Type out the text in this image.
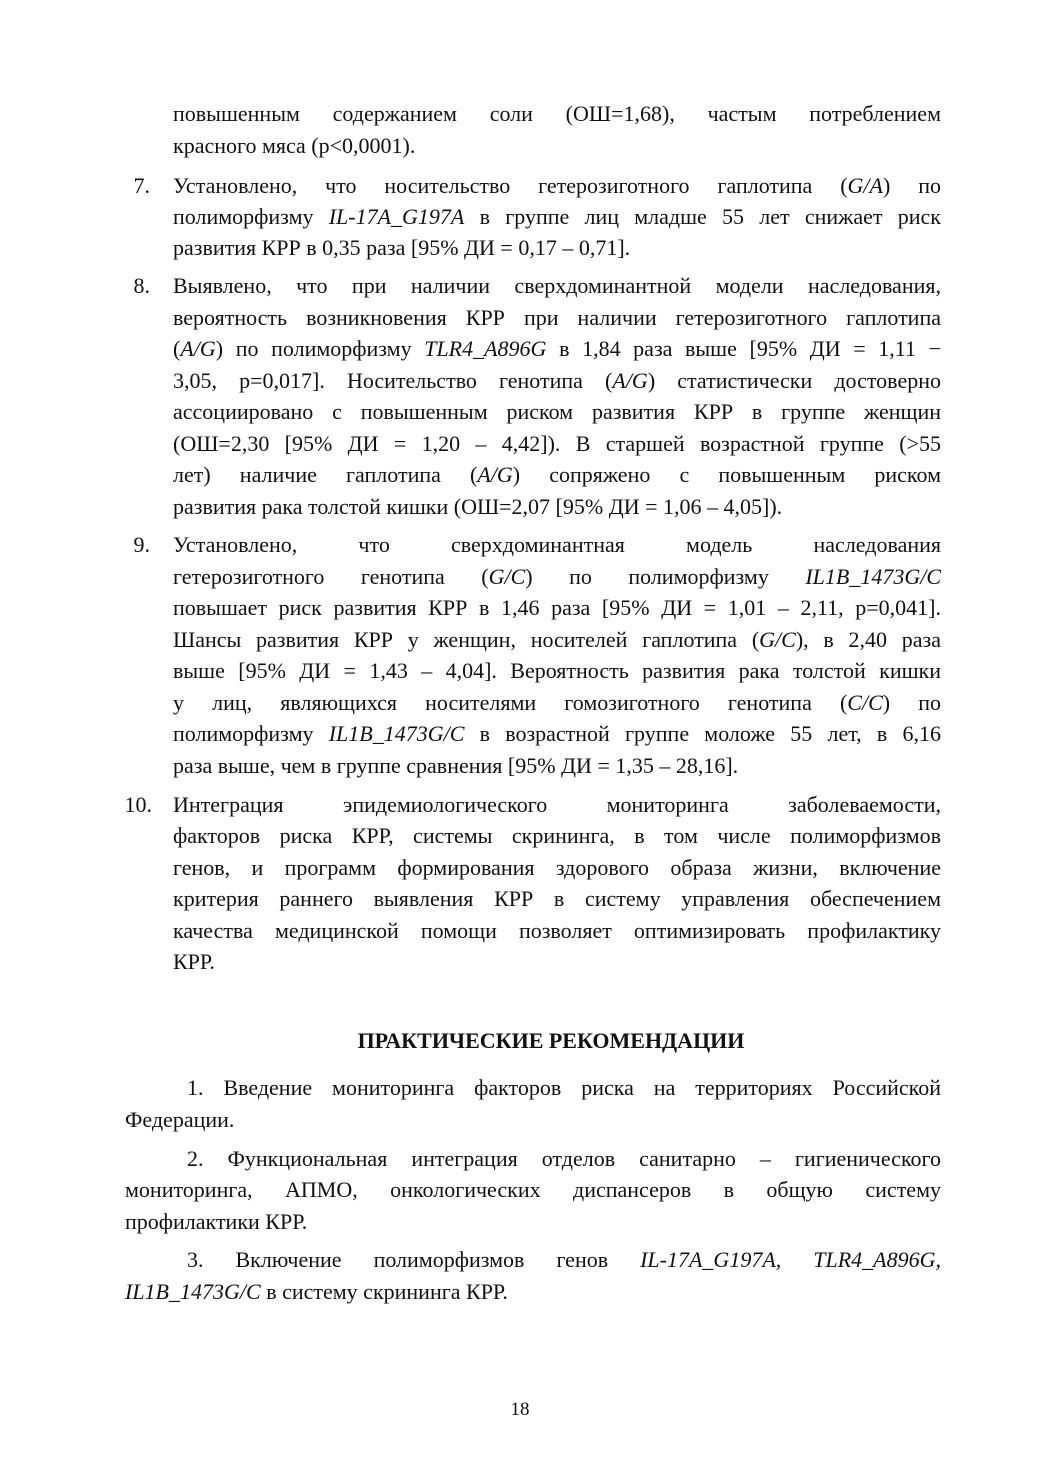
повышенным содержанием соли (ОШ=1,68), частым потреблением
красного мяса (р<0,0001).
7. Установлено, что носительство гетерозиготного гаплотипа (G/A) по
полиморфизму IL-17A_G197A в группе лиц младше 55 лет снижает риск
развития КРР в 0,35 раза [95% ДИ = 0,17 – 0,71].
8. Выявлено, что при наличии сверхдоминантной модели наследования,
вероятность возникновения КРР при наличии гетерозиготного гаплотипа
(A/G) по полиморфизму TLR4_A896G в 1,84 раза выше [95% ДИ = 1,11 −
3,05, р=0,017]. Носительство генотипа (A/G) статистически достоверно
ассоциировано с повышенным риском развития КРР в группе женщин
(ОШ=2,30 [95% ДИ = 1,20 – 4,42]). В старшей возрастной группе (>55
лет) наличие гаплотипа (A/G) сопряжено с повышенным риском
развития рака толстой кишки (ОШ=2,07 [95% ДИ = 1,06 – 4,05]).
9. Установлено, что сверхдоминантная модель наследования
гетерозиготного генотипа (G/C) по полиморфизму IL1B_1473G/C
повышает риск развития КРР в 1,46 раза [95% ДИ = 1,01 – 2,11, р=0,041].
Шансы развития КРР у женщин, носителей гаплотипа (G/C), в 2,40 раза
выше [95% ДИ = 1,43 – 4,04]. Вероятность развития рака толстой кишки
у лиц, являющихся носителями гомозиготного генотипа (C/C) по
полиморфизму IL1B_1473G/C в возрастной группе моложе 55 лет, в 6,16
раза выше, чем в группе сравнения [95% ДИ = 1,35 – 28,16].
10. Интеграция эпидемиологического мониторинга заболеваемости,
факторов риска КРР, системы скрининга, в том числе полиморфизмов
генов, и программ формирования здорового образа жизни, включение
критерия раннего выявления КРР в систему управления обеспечением
качества медицинской помощи позволяет оптимизировать профилактику
КРР.
ПРАКТИЧЕСКИЕ РЕКОМЕНДАЦИИ
1. Введение мониторинга факторов риска на территориях Российской
Федерации.
2. Функциональная интеграция отделов санитарно – гигиенического
мониторинга, АПМО, онкологических диспансеров в общую систему
профилактики КРР.
3. Включение полиморфизмов генов IL-17A_G197A, TLR4_A896G,
IL1B_1473G/C в систему скрининга КРР.
18
